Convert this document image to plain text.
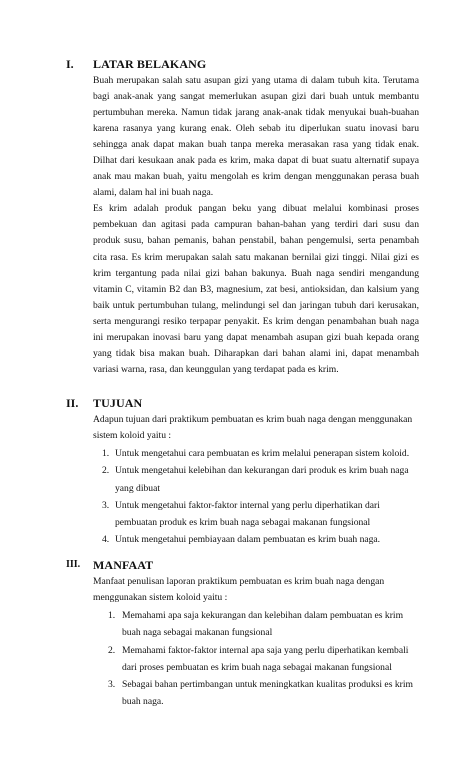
I. LATAR BELAKANG

Buah merupakan salah satu asupan gizi yang utama di dalam tubuh kita. Terutama bagi anak-anak yang sangat memerlukan asupan gizi dari buah untuk membantu pertumbuhan mereka. Namun tidak jarang anak-anak tidak menyukai buah-buahan karena rasanya yang kurang enak. Oleh sebab itu diperlukan suatu inovasi baru sehingga anak dapat makan buah tanpa mereka merasakan rasa yang tidak enak. Dilhat dari kesukaan anak pada es krim, maka dapat di buat suatu alternatif supaya anak mau makan buah, yaitu mengolah es krim dengan menggunakan perasa buah alami, dalam hal ini buah naga.

Es krim adalah produk pangan beku yang dibuat melalui kombinasi proses pembekuan dan agitasi pada campuran bahan-bahan yang terdiri dari susu dan produk susu, bahan pemanis, bahan penstabil, bahan pengemulsi, serta penambah cita rasa. Es krim merupakan salah satu makanan bernilai gizi tinggi. Nilai gizi es krim tergantung pada nilai gizi bahan bakunya. Buah naga sendiri mengandung vitamin C, vitamin B2 dan B3, magnesium, zat besi, antioksidan, dan kalsium yang baik untuk pertumbuhan tulang, melindungi sel dan jaringan tubuh dari kerusakan, serta mengurangi resiko terpapar penyakit. Es krim dengan penambahan buah naga ini merupakan inovasi baru yang dapat menambah asupan gizi buah kepada orang yang tidak bisa makan buah. Diharapkan dari bahan alami ini, dapat menambah variasi warna, rasa, dan keunggulan yang terdapat pada es krim.

II. TUJUAN

Adapun tujuan dari praktikum pembuatan es krim buah naga dengan menggunakan sistem koloid yaitu :

1. Untuk mengetahui cara pembuatan es krim melalui penerapan sistem koloid.
2. Untuk mengetahui kelebihan dan kekurangan dari produk es krim buah naga yang dibuat
3. Untuk mengetahui faktor-faktor internal yang perlu diperhatikan dari pembuatan produk es krim buah naga sebagai makanan fungsional
4. Untuk mengetahui pembiayaan dalam pembuatan es krim buah naga.
III. MANFAAT

Manfaat penulisan laporan praktikum pembuatan es krim buah naga dengan menggunakan sistem koloid yaitu :

1. Memahami apa saja kekurangan dan kelebihan dalam pembuatan es krim buah naga sebagai makanan fungsional
2. Memahami faktor-faktor internal apa saja yang perlu diperhatikan kembali dari proses pembuatan es krim buah naga sebagai makanan fungsional
3. Sebagai bahan pertimbangan untuk meningkatkan kualitas produksi es krim buah naga.
